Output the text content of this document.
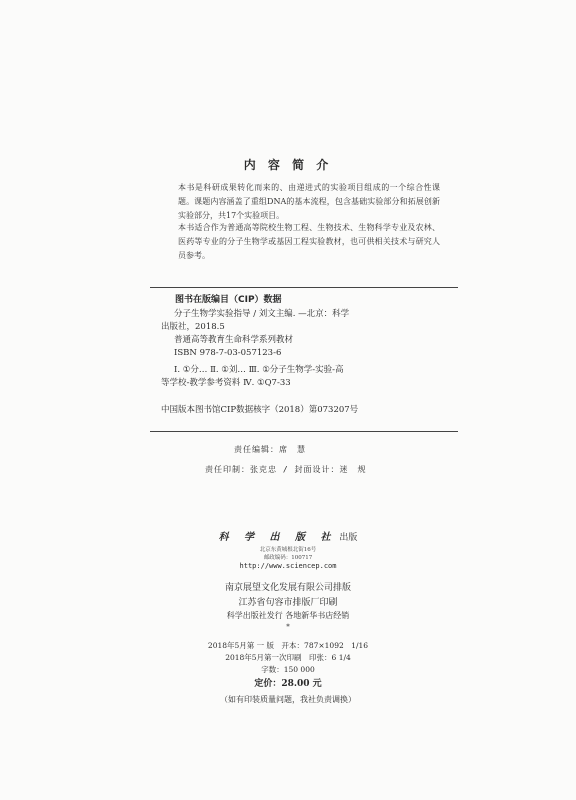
内 容 简 介
本书是科研成果转化而来的、由递进式的实验项目组成的一个综合性课题。课题内容涵盖了重组DNA的基本流程，包含基础实验部分和拓展创新实验部分，共17个实验项目。
本书适合作为普通高等院校生物工程、生物技术、生物科学专业及农林、医药等专业的分子生物学或基因工程实验教材，也可供相关技术与研究人员参考。
图书在版编目（CIP）数据
分子生物学实验指导 / 刘文主编. —北京：科学
出版社，2018.5
普通高等教育生命科学系列教材
ISBN 978-7-03-057123-6
Ⅰ. ①分… Ⅱ. ①刘… Ⅲ. ①分子生物学-实验-高
等学校-教学参考资料 Ⅳ. ①Q7-33
中国版本图书馆CIP数据核字（2018）第073207号
责任编辑：席　慧
责任印制：张克忠 / 封面设计：迷　规
科 学 出 版 社 出版
北京东黄城根北街16号
邮政编码：100717
http://www.sciencep.com
南京展望文化发展有限公司排版
江苏省句容市排版厂印刷
科学出版社发行 各地新华书店经销
*
2018年5月第 一 版　开本：787×1092　1/16
2018年5月第一次印刷　印张：6 1/4
字数：150 000
定价：28.00 元
（如有印装质量问题，我社负责调换）
